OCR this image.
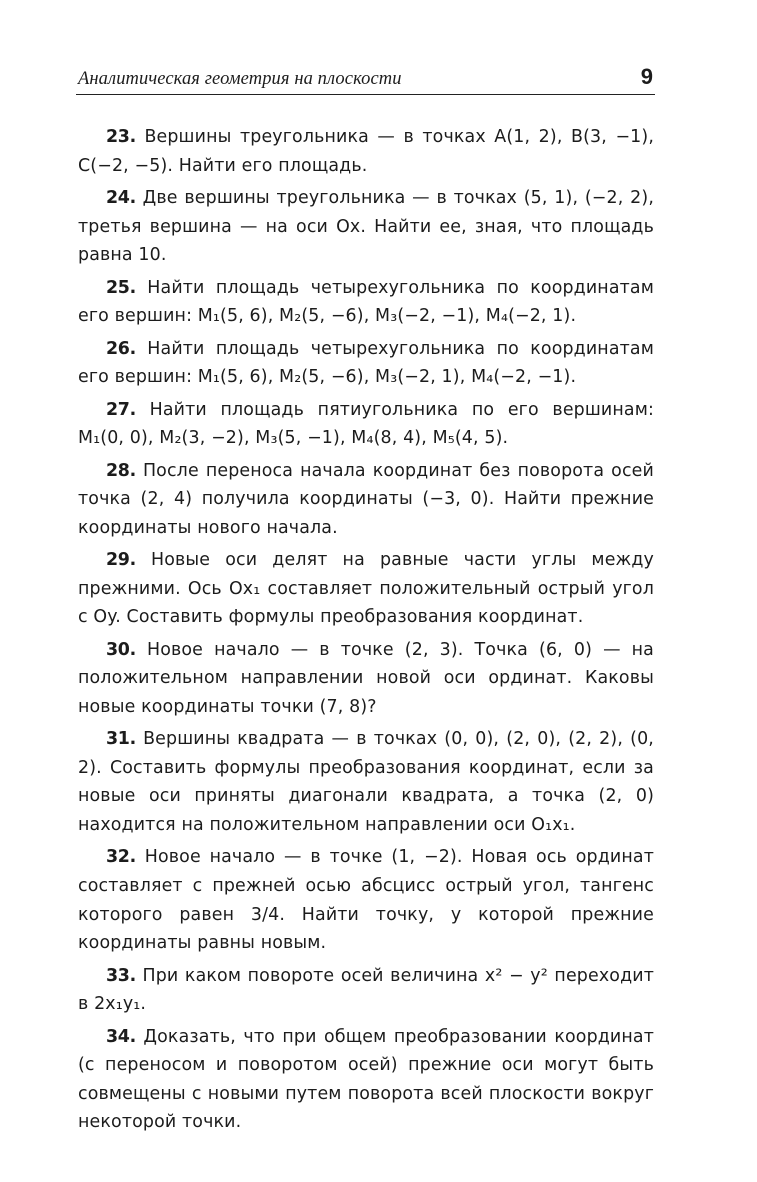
Аналитическая геометрия на плоскости	9

23. Вершины треугольника — в точках A(1, 2), B(3, −1), C(−2, −5). Найти его площадь.

24. Две вершины треугольника — в точках (5, 1), (−2, 2), третья вершина — на оси Ox. Найти ее, зная, что площадь равна 10.

25. Найти площадь четырехугольника по координатам его вершин: M₁(5, 6), M₂(5, −6), M₃(−2, −1), M₄(−2, 1).

26. Найти площадь четырехугольника по координатам его вершин: M₁(5, 6), M₂(5, −6), M₃(−2, 1), M₄(−2, −1).

27. Найти площадь пятиугольника по его вершинам: M₁(0, 0), M₂(3, −2), M₃(5, −1), M₄(8, 4), M₅(4, 5).

28. После переноса начала координат без поворота осей точка (2, 4) получила координаты (−3, 0). Найти прежние координаты нового начала.

29. Новые оси делят на равные части углы между прежними. Ось Ox₁ составляет положительный острый угол с Oy. Составить формулы преобразования координат.

30. Новое начало — в точке (2, 3). Точка (6, 0) — на положительном направлении новой оси ординат. Каковы новые координаты точки (7, 8)?

31. Вершины квадрата — в точках (0, 0), (2, 0), (2, 2), (0, 2). Составить формулы преобразования координат, если за новые оси приняты диагонали квадрата, а точка (2, 0) находится на положительном направлении оси O₁x₁.

32. Новое начало — в точке (1, −2). Новая ось ординат составляет с прежней осью абсцисс острый угол, тангенс которого равен 3/4. Найти точку, у которой прежние координаты равны новым.

33. При каком повороте осей величина x² − y² переходит в 2x₁y₁.

34. Доказать, что при общем преобразовании координат (с переносом и поворотом осей) прежние оси могут быть совмещены с новыми путем поворота всей плоскости вокруг некоторой точки.
